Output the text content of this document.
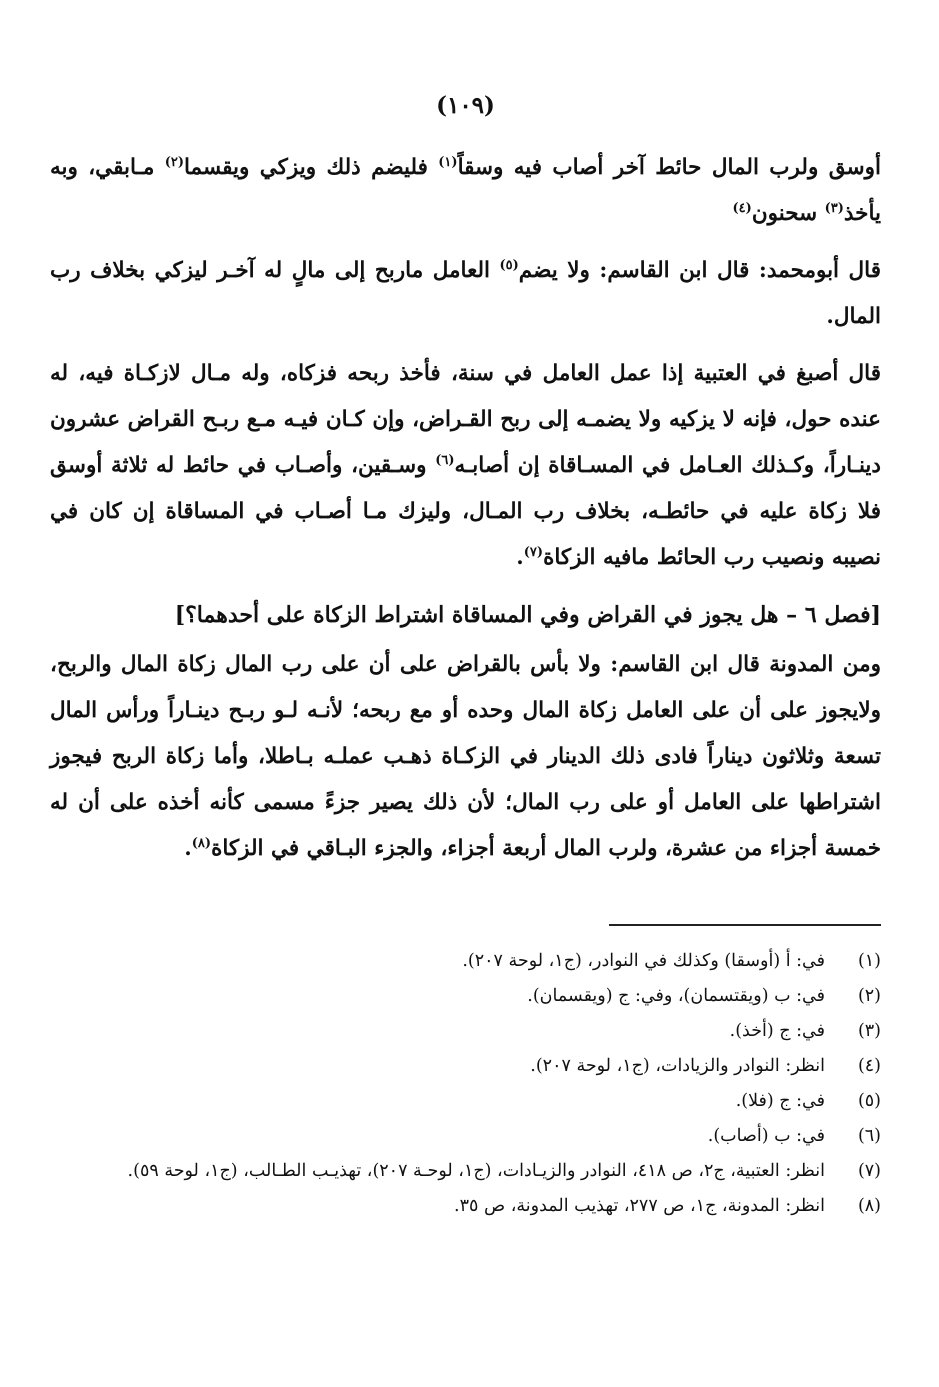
(١٠٩)

أوسق ولرب المال حائط آخر أصاب فيه وسقاً$^{(١)}$ فليضم ذلك ويزكي ويقسما$^{(٢)}$ مـابقي، وبه يأخذ$^{(٣)}$ سحنون$^{(٤)}$

قال أبومحمد: قال ابن القاسم: ولا يضم$^{(٥)}$ العامل ماربح إلى مالٍ له آخـر ليزكي بخلاف رب المال.

قال أصبغ في العتبية إذا عمل العامل في سنة، فأخذ ربحه فزكاه، وله مـال لازكـاة فيه، له عنده حول، فإنه لا يزكيه ولا يضمـه إلى ربح القـراض، وإن كـان فيـه مـع ربـح القراض عشرون دينـاراً، وكـذلك العـامل في المسـاقاة إن أصابـه$^{(٦)}$ وسـقين، وأصـاب في حائط له ثلاثة أوسق فلا زكاة عليه في حائطـه، بخلاف رب المـال، وليزك مـا أصـاب في المساقاة إن كان في نصيبه ونصيب رب الحائط مافيه الزكاة$^{(٧)}$.

[فصل ٦ – هل يجوز في القراض وفي المساقاة اشتراط الزكاة على أحدهما؟]

ومن المدونة قال ابن القاسم: ولا بأس بالقراض على أن على رب المال زكاة المال والربح، ولايجوز على أن على العامل زكاة المال وحده أو مع ربحه؛ لأنـه لـو ربـح دينـاراً ورأس المال تسعة وثلاثون ديناراً فادى ذلك الدينار في الزكـاة ذهـب عملـه بـاطلا، وأما زكاة الربح فيجوز اشتراطها على العامل أو على رب المال؛ لأن ذلك يصير جزءً مسمى كأنه أخذه على أن له خمسة أجزاء من عشرة، ولرب المال أربعة أجزاء، والجزء البـاقي في الزكاة$^{(٨)}$.

(١)
في: أ (أوسقا) وكذلك في النوادر، (ج١، لوحة ٢٠٧).
(٢)
في: ب (ويقتسمان)، وفي: ج (ويقسمان).
(٣)
في: ج (أخذ).
(٤)
انظر: النوادر والزيادات، (ج١، لوحة ٢٠٧).
(٥)
في: ج (فلا).
(٦)
في: ب (أصاب).
(٧)
انظر: العتبية، ج٢، ص ٤١٨، النوادر والزيـادات، (ج١، لوحـة ٢٠٧)، تهذيـب الطـالب، (ج١، لوحة ٥٩).
(٨)
انظر: المدونة، ج١، ص ٢٧٧، تهذيب المدونة، ص ٣٥.
